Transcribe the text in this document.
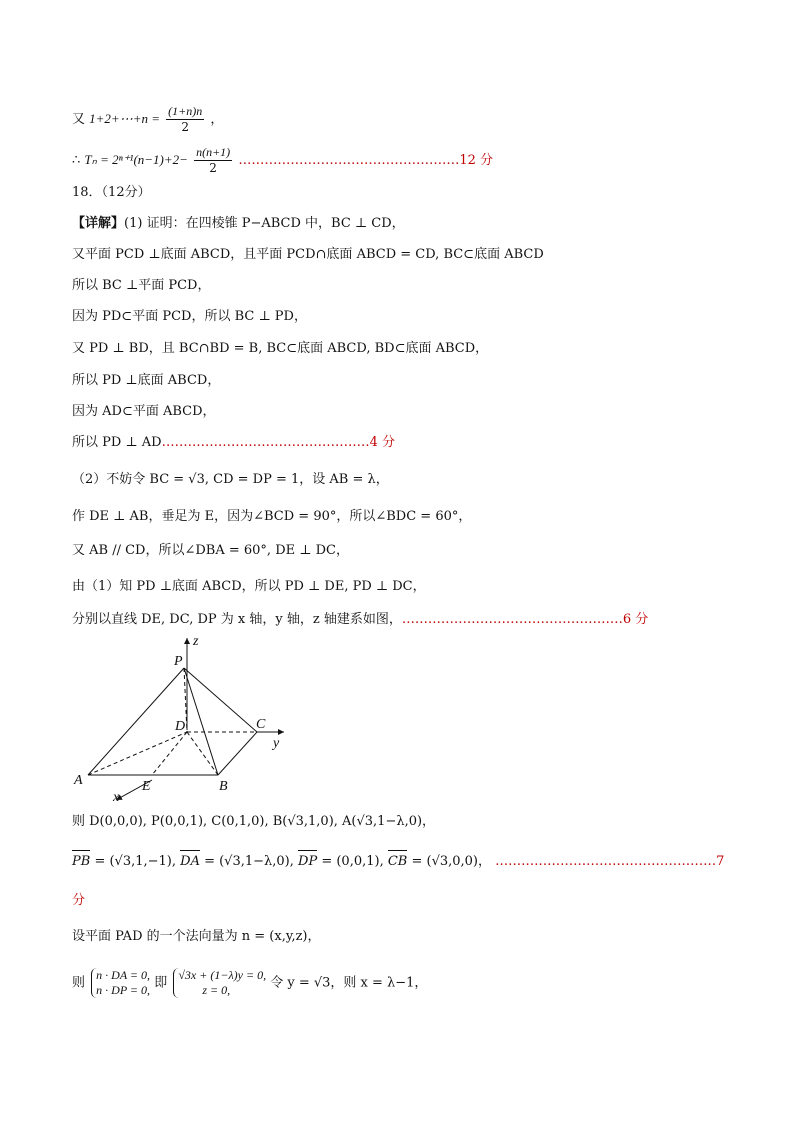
又 1+2+⋯+n = $\frac{(1+n)n}{2}$ ，
∴ $T_n = 2^{n+1}(n-1)+2- \frac{n(n+1)}{2}$ ……………………………………………12 分
18．（12分）
【详解】(1) 证明：在四棱锥 P−ABCD 中，BC ⊥ CD，
又平面 PCD ⊥底面 ABCD，且平面 PCD∩底面 ABCD = CD, BC⊂底面 ABCD
所以 BC ⊥平面 PCD，
因为 PD⊂平面 PCD，所以 BC ⊥ PD，
又 PD ⊥ BD，且 BC∩BD = B, BC⊂底面 ABCD, BD⊂底面 ABCD，
所以 PD ⊥底面 ABCD，
因为 AD⊂平面 ABCD，
所以 PD ⊥ AD…………………………………………4 分
（2）不妨令 BC = √3, CD = DP = 1，设 AB = λ，
作 DE ⊥ AB，垂足为 E，因为∠BCD = 90°，所以∠BDC = 60°，
又 AB // CD，所以∠DBA = 60°, DE ⊥ DC，
由（1）知 PD ⊥底面 ABCD，所以 PD ⊥ DE, PD ⊥ DC，
分别以直线 DE, DC, DP 为 x 轴，y 轴，z 轴建系如图，……………………………………………6 分
z
P
D	C
y
A	E	B
x
则 D(0,0,0), P(0,0,1), C(0,1,0), B(√3,1,0), A(√3,1−λ,0)，
PB = (√3,1,−1), DA = (√3,1−λ,0), DP = (0,0,1), CB = (√3,0,0)， ……………………………………………7
分
设平面 PAD 的一个法向量为 n = (x,y,z)，
则
n · DA = 0,
n · DP = 0, 即
√3x + (1−λ)y = 0,
z = 0,	令 y = √3，则 x = λ−1，
